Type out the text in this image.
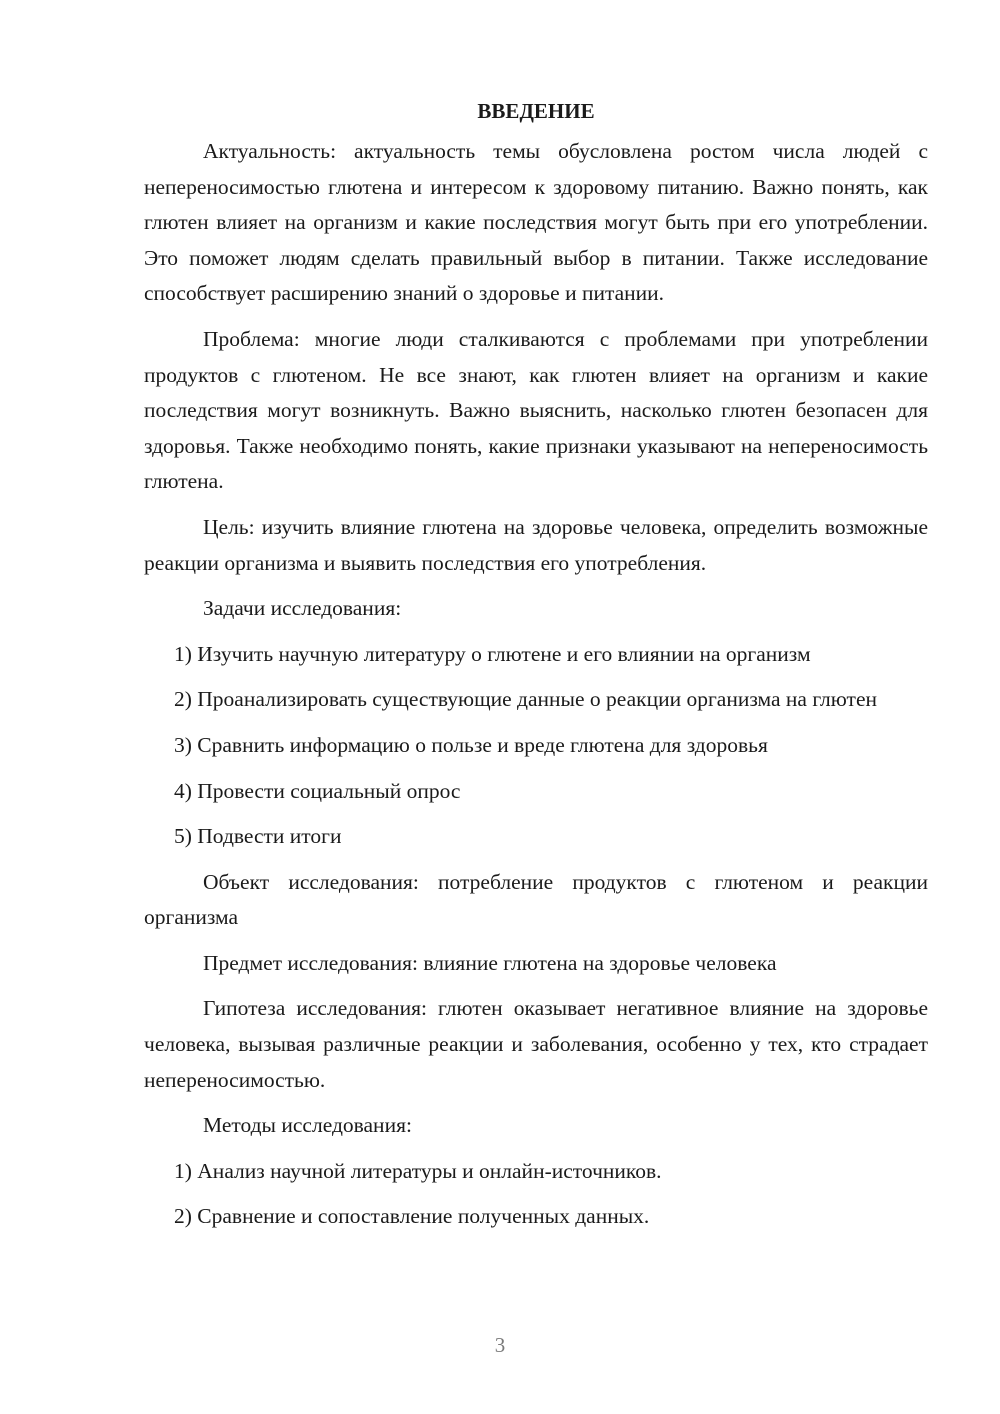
ВВЕДЕНИЕ

Актуальность: актуальность темы обусловлена ростом числа людей с непереносимостью глютена и интересом к здоровому питанию. Важно понять, как глютен влияет на организм и какие последствия могут быть при его употреблении. Это поможет людям сделать правильный выбор в питании. Также исследование способствует расширению знаний о здоровье и питании.

Проблема: многие люди сталкиваются с проблемами при употреблении продуктов с глютеном. Не все знают, как глютен влияет на организм и какие последствия могут возникнуть. Важно выяснить, насколько глютен безопасен для здоровья. Также необходимо понять, какие признаки указывают на непереносимость глютена.

Цель: изучить влияние глютена на здоровье человека, определить возможные реакции организма и выявить последствия его употребления.

Задачи исследования:

1) Изучить научную литературу о глютене и его влиянии на организм

2) Проанализировать существующие данные о реакции организма на глютен

3) Сравнить информацию о пользе и вреде глютена для здоровья

4) Провести социальный опрос

5) Подвести итоги

Объект исследования: потребление продуктов с глютеном и реакции организма

Предмет исследования: влияние глютена на здоровье человека

Гипотеза исследования: глютен оказывает негативное влияние на здоровье человека, вызывая различные реакции и заболевания, особенно у тех, кто страдает непереносимостью.

Методы исследования:

1) Анализ научной литературы и онлайн-источников.

2) Сравнение и сопоставление полученных данных.

3
